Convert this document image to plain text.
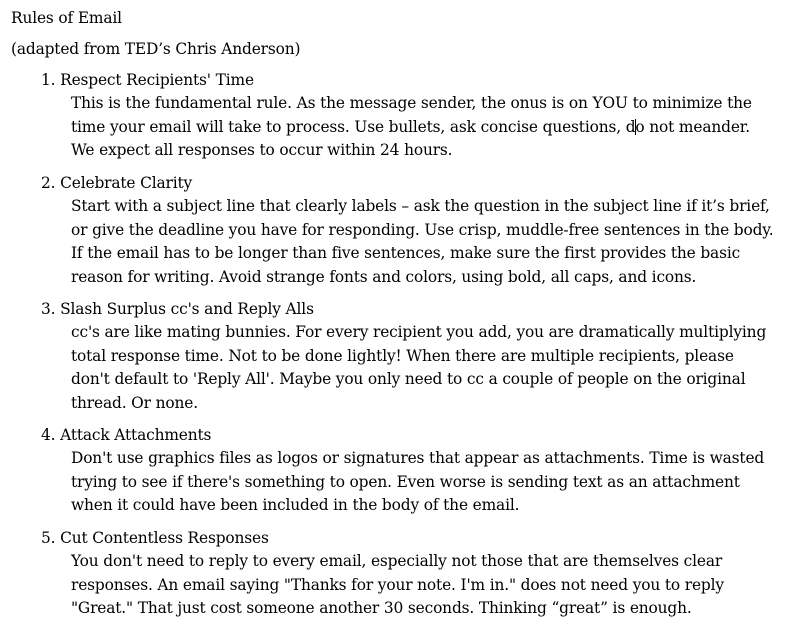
Rules of Email
(adapted from TED’s Chris Anderson)
1. Respect Recipients' Time
This is the fundamental rule. As the message sender, the onus is on YOU to minimize the
time your email will take to process. Use bullets, ask concise questions, do not meander.
We expect all responses to occur within 24 hours.
2. Celebrate Clarity
Start with a subject line that clearly labels – ask the question in the subject line if it’s brief,
or give the deadline you have for responding. Use crisp, muddle-free sentences in the body.
If the email has to be longer than five sentences, make sure the first provides the basic
reason for writing. Avoid strange fonts and colors, using bold, all caps, and icons.
3. Slash Surplus cc's and Reply Alls
cc's are like mating bunnies. For every recipient you add, you are dramatically multiplying
total response time. Not to be done lightly! When there are multiple recipients, please
don't default to 'Reply All'. Maybe you only need to cc a couple of people on the original
thread. Or none.
4. Attack Attachments
Don't use graphics files as logos or signatures that appear as attachments. Time is wasted
trying to see if there's something to open. Even worse is sending text as an attachment
when it could have been included in the body of the email.
5. Cut Contentless Responses
You don't need to reply to every email, especially not those that are themselves clear
responses. An email saying "Thanks for your note. I'm in." does not need you to reply
"Great." That just cost someone another 30 seconds. Thinking “great” is enough.
